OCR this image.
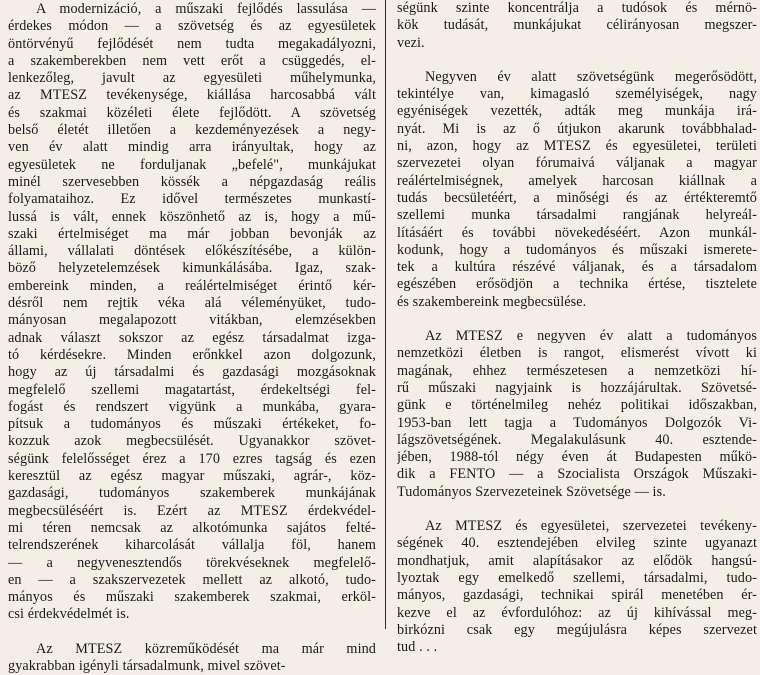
A modernizáció, a műszaki fejlődés lassulása —
érdekes módon — a szövetség és az egyesületek
öntörvényű fejlődését nem tudta megakadályozni,
a szakemberekben nem vett erőt a csüggedés, el-
lenkezőleg, javult az egyesületi műhelymunka,
az MTESZ tevékenysége, kiállása harcosabbá vált
és szakmai közéleti élete fejlődött. A szövetség
belső életét illetően a kezdeményezések a negy-
ven év alatt mindig arra irányultak, hogy az
egyesületek ne forduljanak „befelé", munkájukat
minél szervesebben kössék a népgazdaság reális
folyamataihoz. Ez idővel természetes munkastí-
lussá is vált, ennek köszönhető az is, hogy a mű-
szaki értelmiséget ma már jobban bevonják az
állami, vállalati döntések előkészítésébe, a külön-
böző helyzetelemzések kimunkálásába. Igaz, szak-
embereink minden, a reálértelmiséget érintő kér-
désről nem rejtik véka alá véleményüket, tudo-
mányosan megalapozott vitákban, elemzésekben
adnak választ sokszor az egész társadalmat izga-
tó kérdésekre. Minden erőnkkel azon dolgozunk,
hogy az új társadalmi és gazdasági mozgásoknak
megfelelő szellemi magatartást, érdekeltségi fel-
fogást és rendszert vigyünk a munkába, gyara-
pítsuk a tudományos és műszaki értékeket, fo-
kozzuk azok megbecsülését. Ugyanakkor szövet-
ségünk felelősséget érez a 170 ezres tagság és ezen
keresztül az egész magyar műszaki, agrár-, köz-
gazdasági, tudományos szakemberek munkájának
megbecsüléséért is. Ezért az MTESZ érdekvédel-
mi téren nemcsak az alkotómunka sajátos felté-
telrendszerének kiharcolását vállalja föl, hanem
— a negyvenesztendős törekvéseknek megfelelő-
en — a szakszervezetek mellett az alkotó, tudo-
mányos és műszaki szakemberek szakmai, erköl-
csi érdekvédelmét is.
Az MTESZ közreműködését ma már mind
gyakrabban igényli társadalmunk, mivel szövet-
ségünk szinte koncentrálja a tudósok és mérnö-
kök tudását, munkájukat célirányosan megszer-
vezi.
Negyven év alatt szövetségünk megerősödött,
tekintélye van, kimagasló személyiségek, nagy
egyéniségek vezették, adták meg munkája irá-
nyát. Mi is az ő útjukon akarunk továbbhalad-
ni, azon, hogy az MTESZ és egyesületei, területi
szervezetei olyan fórumaivá váljanak a magyar
reálértelmiségnek, amelyek harcosan kiállnak a
tudás becsületéért, a minőségi és az értékteremtő
szellemi munka társadalmi rangjának helyreál-
lításáért és további növekedéséért. Azon munkál-
kodunk, hogy a tudományos és műszaki ismerete-
tek a kultúra részévé váljanak, és a társadalom
egészében erősödjön a technika értése, tisztelete
és szakembereink megbecsülése.
Az MTESZ e negyven év alatt a tudományos
nemzetközi életben is rangot, elismerést vívott ki
magának, ehhez természetesen a nemzetközi hí-
rű műszaki nagyjaink is hozzájárultak. Szövetsé-
günk e történelmileg nehéz politikai időszakban,
1953-ban lett tagja a Tudományos Dolgozók Vi-
lágszövetségének. Megalakulásunk 40. esztende-
jében, 1988-tól négy éven át Budapesten műkö-
dik a FENTO — a Szocialista Országok Műszaki-
Tudományos Szervezeteinek Szövetsége — is.
Az MTESZ és egyesületei, szervezetei tevékeny-
ségének 40. esztendejében elvileg szinte ugyanazt
mondhatjuk, amit alapításakor az elődök hangsú-
lyoztak egy emelkedő szellemi, társadalmi, tudo-
mányos, gazdasági, technikai spirál menetében ér-
kezve el az évfordulóhoz: az új kihívással meg-
birkózni csak egy megújulásra képes szervezet
tud . . .
